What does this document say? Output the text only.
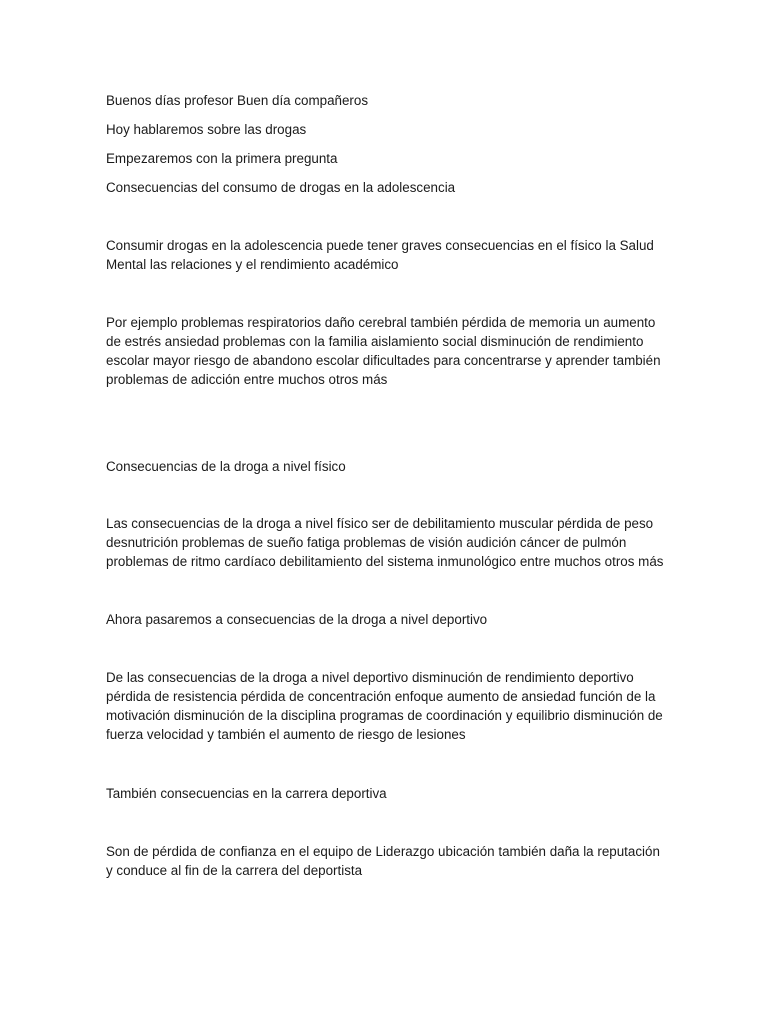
Buenos días profesor Buen día compañeros

Hoy hablaremos sobre las drogas

Empezaremos con la primera pregunta

Consecuencias del consumo de drogas en la adolescencia

Consumir drogas en la adolescencia puede tener graves consecuencias en el físico la Salud Mental las relaciones y el rendimiento académico

Por ejemplo problemas respiratorios daño cerebral también pérdida de memoria un aumento de estrés ansiedad problemas con la familia aislamiento social disminución de rendimiento escolar mayor riesgo de abandono escolar dificultades para concentrarse y aprender también problemas de adicción entre muchos otros más

Consecuencias de la droga a nivel físico

Las consecuencias de la droga a nivel físico ser de debilitamiento muscular pérdida de peso desnutrición problemas de sueño fatiga problemas de visión audición cáncer de pulmón problemas de ritmo cardíaco debilitamiento del sistema inmunológico entre muchos otros más

Ahora pasaremos a consecuencias de la droga a nivel deportivo

De las consecuencias de la droga a nivel deportivo disminución de rendimiento deportivo pérdida de resistencia pérdida de concentración enfoque aumento de ansiedad función de la motivación disminución de la disciplina programas de coordinación y equilibrio disminución de fuerza velocidad y también el aumento de riesgo de lesiones

También consecuencias en la carrera deportiva

Son de pérdida de confianza en el equipo de Liderazgo ubicación también daña la reputación y conduce al fin de la carrera del deportista
